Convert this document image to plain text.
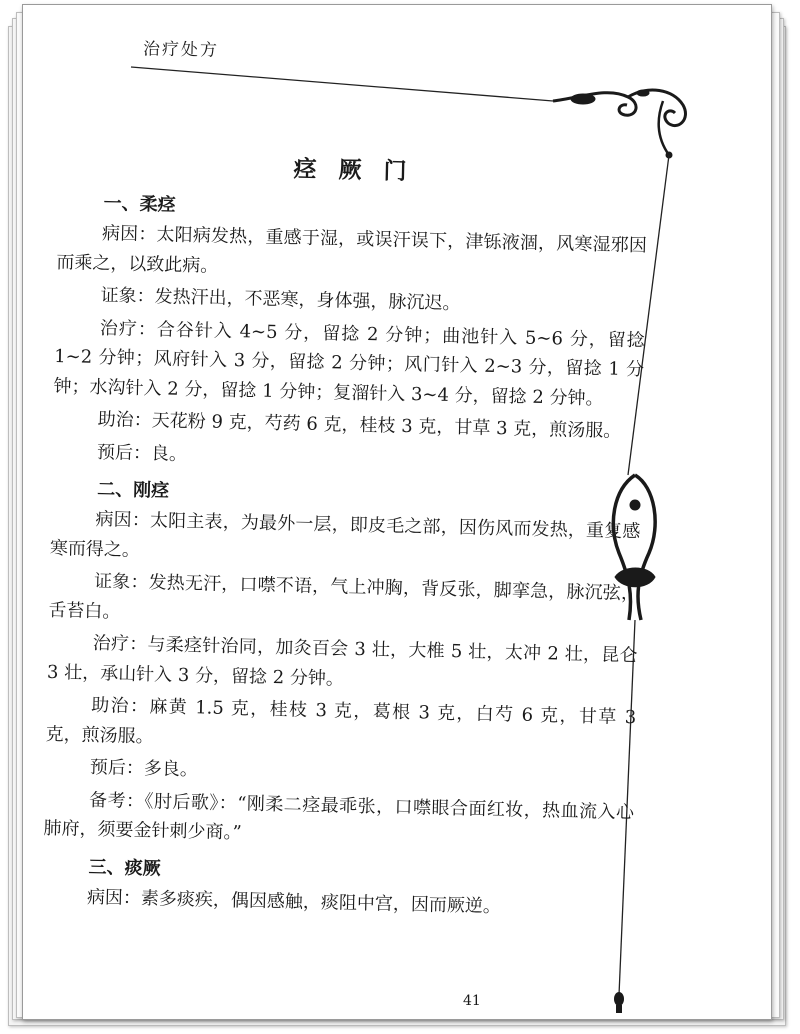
治疗处方
痉 厥 门
一、柔痉
病因：太阳病发热，重感于湿，或误汗误下，津铄液涸，风寒湿邪因而乘之，以致此病。
证象：发热汗出，不恶寒，身体强，脉沉迟。
治疗：合谷针入 4~5 分，留捻 2 分钟；曲池针入 5~6 分，留捻 1~2 分钟；风府针入 3 分，留捻 2 分钟；风门针入 2~3 分，留捻 1 分钟；水沟针入 2 分，留捻 1 分钟；复溜针入 3~4 分，留捻 2 分钟。
助治：天花粉 9 克，芍药 6 克，桂枝 3 克，甘草 3 克，煎汤服。
预后：良。
二、刚痉
病因：太阳主表，为最外一层，即皮毛之部，因伤风而发热，重复感寒而得之。
证象：发热无汗，口噤不语，气上冲胸，背反张，脚挛急，脉沉弦，舌苔白。
治疗：与柔痉针治同，加灸百会 3 壮，大椎 5 壮，太冲 2 壮，昆仑 3 壮，承山针入 3 分，留捻 2 分钟。
助治：麻黄 1.5 克，桂枝 3 克，葛根 3 克，白芍 6 克，甘草 3 克，煎汤服。
预后：多良。
备考：《肘后歌》：“刚柔二痉最乖张，口噤眼合面红妆，热血流入心肺府，须要金针刺少商。”
三、痰厥
病因：素多痰疾，偶因感触，痰阻中宫，因而厥逆。
41
